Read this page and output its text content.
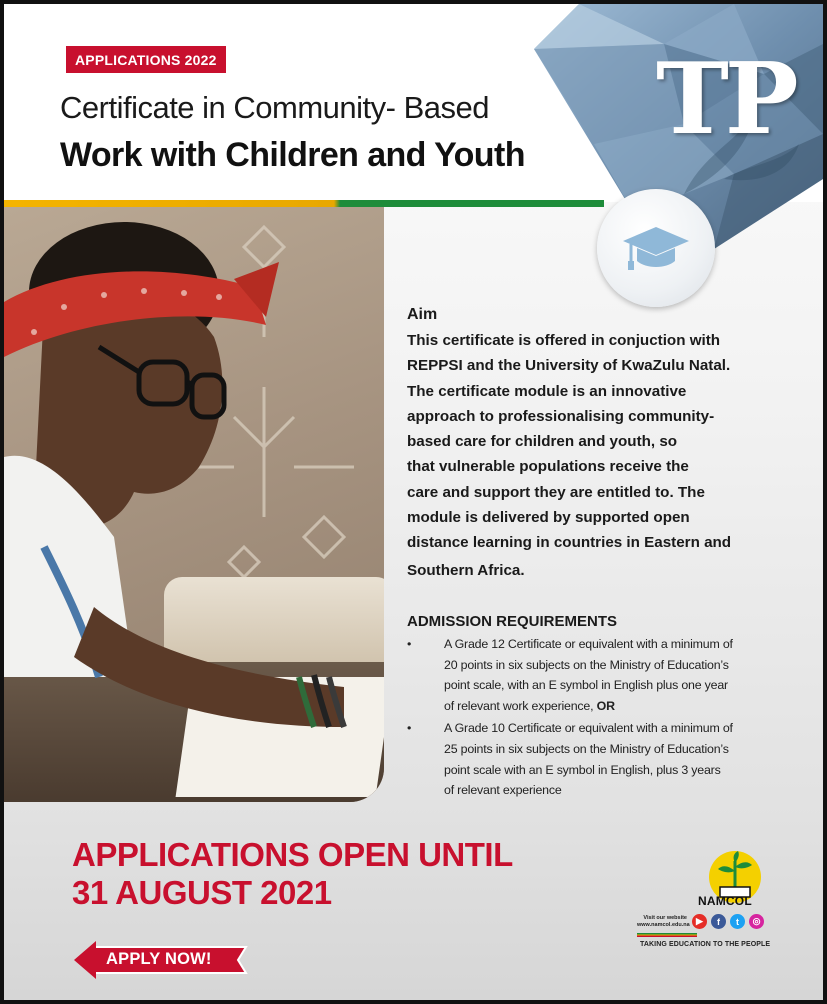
APPLICATIONS 2022
Certificate in Community- Based
Work with Children and Youth TP
Aim
This certificate is offered in conjuction with
REPPSI and the University of KwaZulu Natal.
The certificate module is an innovative
approach to professionalising community-
based care for children and youth, so
that vulnerable populations receive the
care and support they are entitled to. The
module is delivered by supported open
distance learning in countries in Eastern and
Southern Africa.
ADMISSION REQUIREMENTS
•	A Grade 12 Certificate or equivalent with a minimum of
20 points in six subjects on the Ministry of Education’s
point scale, with an E symbol in English plus one year
of relevant work experience, OR
•	A Grade 10 Certificate or equivalent with a minimum of
25 points in six subjects on the Ministry of Education’s
point scale with an E symbol in English, plus 3 years
of relevant experience
APPLICATIONS OPEN UNTIL
31 AUGUST 2021
APPLY NOW!
NAMCOL
Visit our website
www.namcol.edu.na ▶	f	t	◎
TAKING EDUCATION TO THE PEOPLE
